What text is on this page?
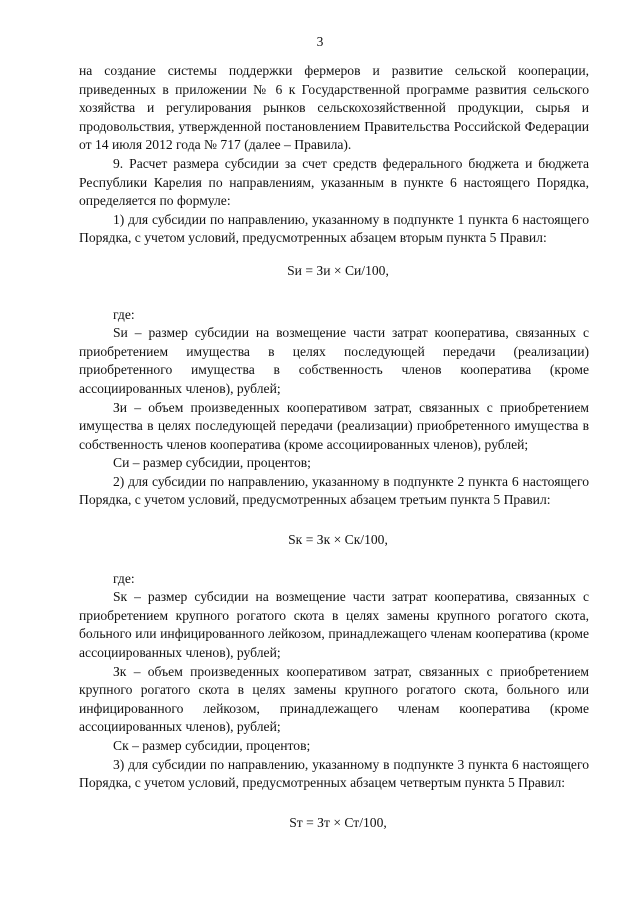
3

на создание системы поддержки фермеров и развитие сельской кооперации, приведенных в приложении № 6 к Государственной программе развития сельского хозяйства и регулирования рынков сельскохозяйственной продукции, сырья и продовольствия, утвержденной постановлением Правительства Российской Федерации от 14 июля 2012 года № 717 (далее – Правила).

9. Расчет размера субсидии за счет средств федерального бюджета и бюджета Республики Карелия по направлениям, указанным в пункте 6 настоящего Порядка, определяется по формуле:

1) для субсидии по направлению, указанному в подпункте 1 пункта 6 настоящего Порядка, с учетом условий, предусмотренных абзацем вторым пункта 5 Правил:

Sи = Зи × Си/100,

где:

Sи – размер субсидии на возмещение части затрат кооператива, связанных с приобретением имущества в целях последующей передачи (реализации) приобретенного имущества в собственность членов кооператива (кроме ассоциированных членов), рублей;

Зи – объем произведенных кооперативом затрат, связанных с приобретением имущества в целях последующей передачи (реализации) приобретенного имущества в собственность членов кооператива (кроме ассоциированных членов), рублей;

Си – размер субсидии, процентов;

2) для субсидии по направлению, указанному в подпункте 2 пункта 6 настоящего Порядка, с учетом условий, предусмотренных абзацем третьим пункта 5 Правил:

Sк = Зк × Ск/100,

где:

Sк – размер субсидии на возмещение части затрат кооператива, связанных с приобретением крупного рогатого скота в целях замены крупного рогатого скота, больного или инфицированного лейкозом, принадлежащего членам кооператива (кроме ассоциированных членов), рублей;

Зк – объем произведенных кооперативом затрат, связанных с приобретением крупного рогатого скота в целях замены крупного рогатого скота, больного или инфицированного лейкозом, принадлежащего членам кооператива (кроме ассоциированных членов), рублей;

Ск – размер субсидии, процентов;

3) для субсидии по направлению, указанному в подпункте 3 пункта 6 настоящего Порядка, с учетом условий, предусмотренных абзацем четвертым пункта 5 Правил:

Sт = Зт × Ст/100,
